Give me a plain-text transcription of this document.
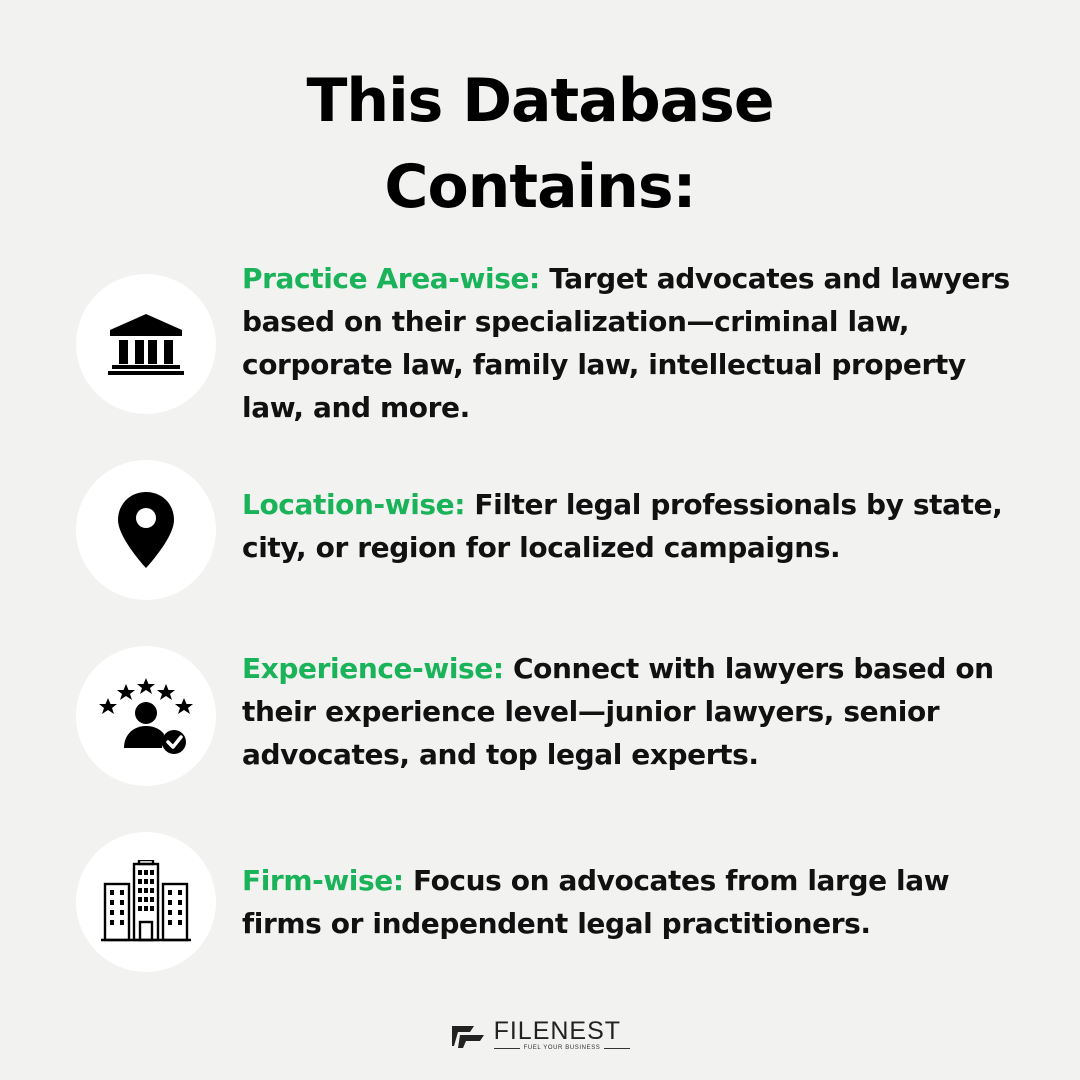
This Database
Contains:
Practice Area-wise: Target advocates and lawyers based on their specialization—criminal law, corporate law, family law, intellectual property law, and more.
Location-wise: Filter legal professionals by state, city, or region for localized campaigns.
Experience-wise: Connect with lawyers based on their experience level—junior lawyers, senior advocates, and top legal experts.
Firm-wise: Focus on advocates from large law firms or independent legal practitioners.
FILENEST
FUEL YOUR BUSINESS
